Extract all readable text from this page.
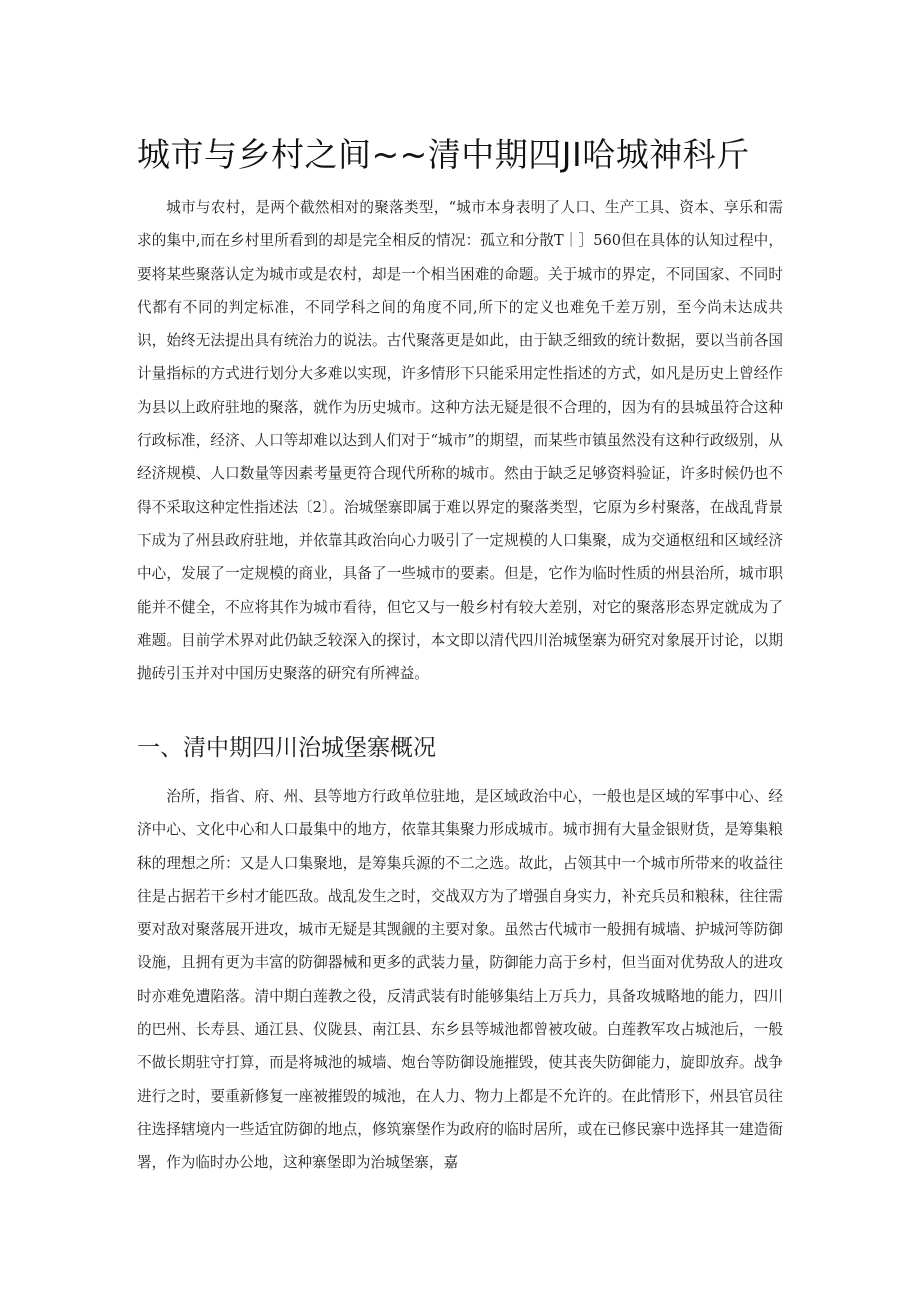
城市与乡村之间~~清中期四JI哈城神科斤

城市与农村，是两个截然相对的聚落类型，“城市本身表明了人口、生产工具、资本、享乐和需求的集中,而在乡村里所看到的却是完全相反的情况：孤立和分散T｜］560但在具体的认知过程中，要将某些聚落认定为城市或是农村，却是一个相当困难的命题。关于城市的界定，不同国家、不同时代都有不同的判定标准，不同学科之间的角度不同,所下的定义也难免千差万别，至今尚未达成共识，始终无法提出具有统治力的说法。古代聚落更是如此，由于缺乏细致的统计数据，要以当前各国计量指标的方式进行划分大多难以实现，许多情形下只能采用定性指述的方式，如凡是历史上曾经作为县以上政府驻地的聚落，就作为历史城市。这种方法无疑是很不合理的，因为有的县城虽符合这种行政标准，经济、人口等却难以达到人们对于“城市”的期望，而某些市镇虽然没有这种行政级别，从经济规模、人口数量等因素考量更符合现代所称的城市。然由于缺乏足够资料验证，许多时候仍也不得不采取这种定性指述法〔2〕。治城堡寨即属于难以界定的聚落类型，它原为乡村聚落，在战乱背景下成为了州县政府驻地，并依靠其政治向心力吸引了一定规模的人口集聚，成为交通枢纽和区域经济中心，发展了一定规模的商业，具备了一些城市的要素。但是，它作为临时性质的州县治所，城市职能并不健全，不应将其作为城市看待，但它又与一般乡村有较大差别，对它的聚落形态界定就成为了难题。目前学术界对此仍缺乏较深入的探讨，本文即以清代四川治城堡寨为研究对象展开讨论，以期抛砖引玉并对中国历史聚落的研究有所裨益。

一、清中期四川治城堡寨概况

治所，指省、府、州、县等地方行政单位驻地，是区域政治中心，一般也是区域的军事中心、经济中心、文化中心和人口最集中的地方，依靠其集聚力形成城市。城市拥有大量金银财货，是筹集粮秣的理想之所：又是人口集聚地，是筹集兵源的不二之选。故此，占领其中一个城市所带来的收益往往是占据若干乡村才能匹敌。战乱发生之时，交战双方为了增强自身实力，补充兵员和粮秣，往往需要对敌对聚落展开进攻，城市无疑是其觊觎的主要对象。虽然古代城市一般拥有城墙、护城河等防御设施，且拥有更为丰富的防御器械和更多的武装力量，防御能力高于乡村，但当面对优势敌人的进攻时亦难免遭陷落。清中期白莲教之役，反清武装有时能够集结上万兵力，具备攻城略地的能力，四川的巴州、长寿县、通江县、仪陇县、南江县、东乡县等城池都曾被攻破。白莲教军攻占城池后，一般不做长期驻守打算，而是将城池的城墙、炮台等防御设施摧毁，使其丧失防御能力，旋即放弃。战争进行之时，要重新修复一座被摧毁的城池，在人力、物力上都是不允许的。在此情形下，州县官员往往选择辖境内一些适宜防御的地点，修筑寨堡作为政府的临时居所，或在已修民寨中选择其一建造衙署，作为临时办公地，这种寨堡即为治城堡寨，嘉
